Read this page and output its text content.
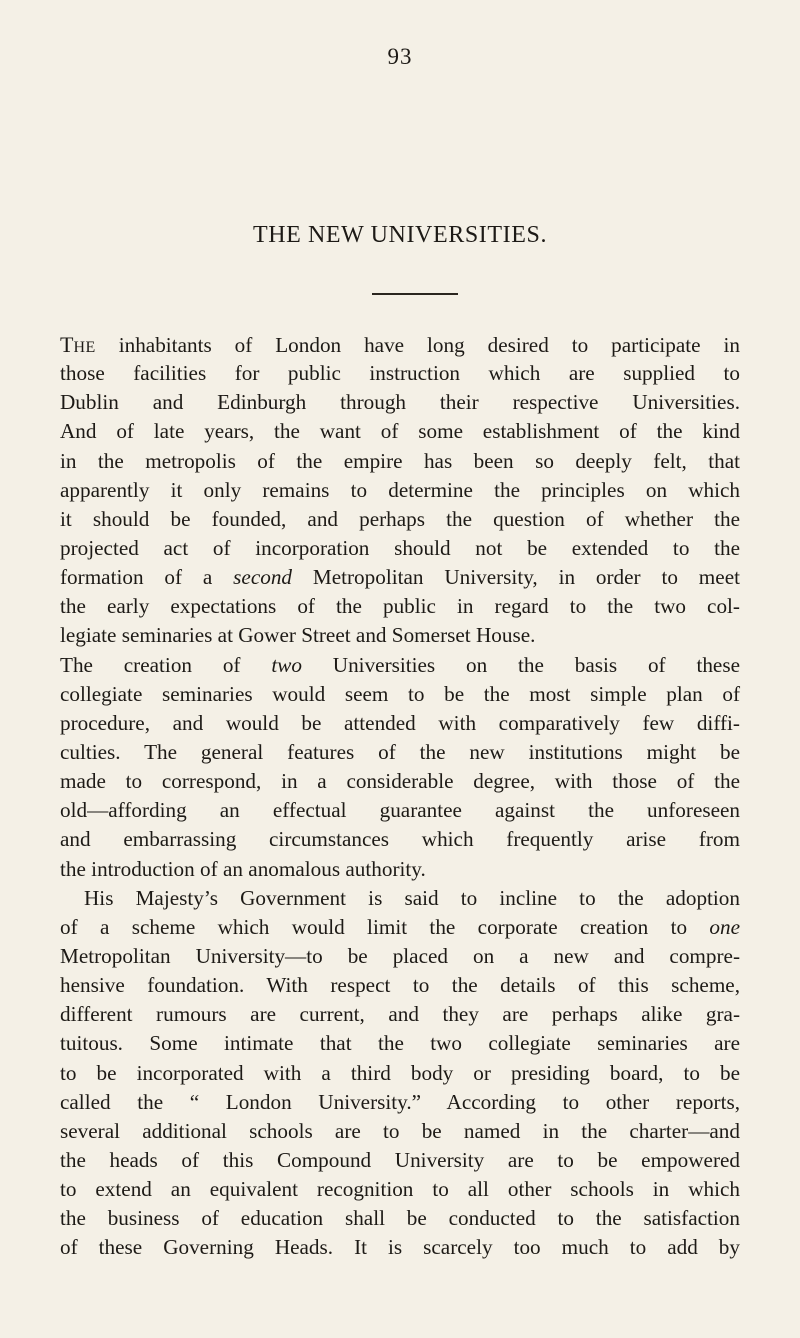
93
THE NEW UNIVERSITIES.
THE inhabitants of London have long desired to participate in
those facilities for public instruction which are supplied to
Dublin and Edinburgh through their respective Universities.
And of late years, the want of some establishment of the kind
in the metropolis of the empire has been so deeply felt, that
apparently it only remains to determine the principles on which
it should be founded, and perhaps the question of whether the
projected act of incorporation should not be extended to the
formation of a second Metropolitan University, in order to meet
the early expectations of the public in regard to the two col-
legiate seminaries at Gower Street and Somerset House.
The creation of two Universities on the basis of these
collegiate seminaries would seem to be the most simple plan of
procedure, and would be attended with comparatively few diffi-
culties. The general features of the new institutions might be
made to correspond, in a considerable degree, with those of the
old—affording an effectual guarantee against the unforeseen
and embarrassing circumstances which frequently arise from
the introduction of an anomalous authority.
His Majesty’s Government is said to incline to the adoption
of a scheme which would limit the corporate creation to one
Metropolitan University—to be placed on a new and compre-
hensive foundation. With respect to the details of this scheme,
different rumours are current, and they are perhaps alike gra-
tuitous. Some intimate that the two collegiate seminaries are
to be incorporated with a third body or presiding board, to be
called the “ London University.” According to other reports,
several additional schools are to be named in the charter—and
the heads of this Compound University are to be empowered
to extend an equivalent recognition to all other schools in which
the business of education shall be conducted to the satisfaction
of these Governing Heads. It is scarcely too much to add by
